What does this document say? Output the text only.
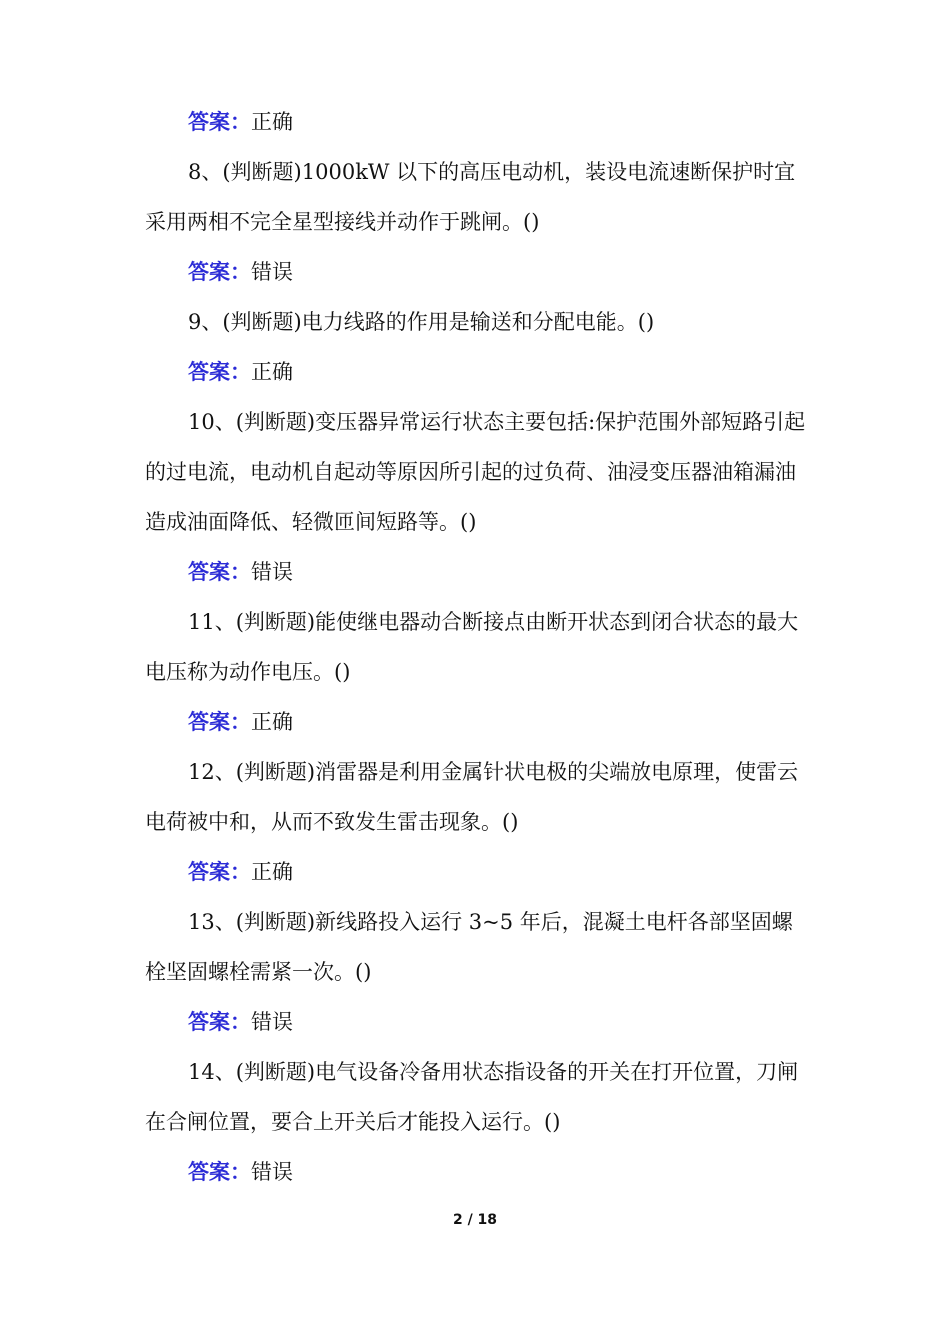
答案：正确

8、(判断题)1000kW 以下的高压电动机，装设电流速断保护时宜采用两相不完全星型接线并动作于跳闸。()

答案：错误

9、(判断题)电力线路的作用是输送和分配电能。()

答案：正确

10、(判断题)变压器异常运行状态主要包括:保护范围外部短路引起的过电流，电动机自起动等原因所引起的过负荷、油浸变压器油箱漏油造成油面降低、轻微匝间短路等。()

答案：错误

11、(判断题)能使继电器动合断接点由断开状态到闭合状态的最大电压称为动作电压。()

答案：正确

12、(判断题)消雷器是利用金属针状电极的尖端放电原理，使雷云电荷被中和，从而不致发生雷击现象。()

答案：正确

13、(判断题)新线路投入运行 3~5 年后，混凝土电杆各部坚固螺栓坚固螺栓需紧一次。()

答案：错误

14、(判断题)电气设备冷备用状态指设备的开关在打开位置，刀闸在合闸位置，要合上开关后才能投入运行。()

答案：错误

2 / 18
